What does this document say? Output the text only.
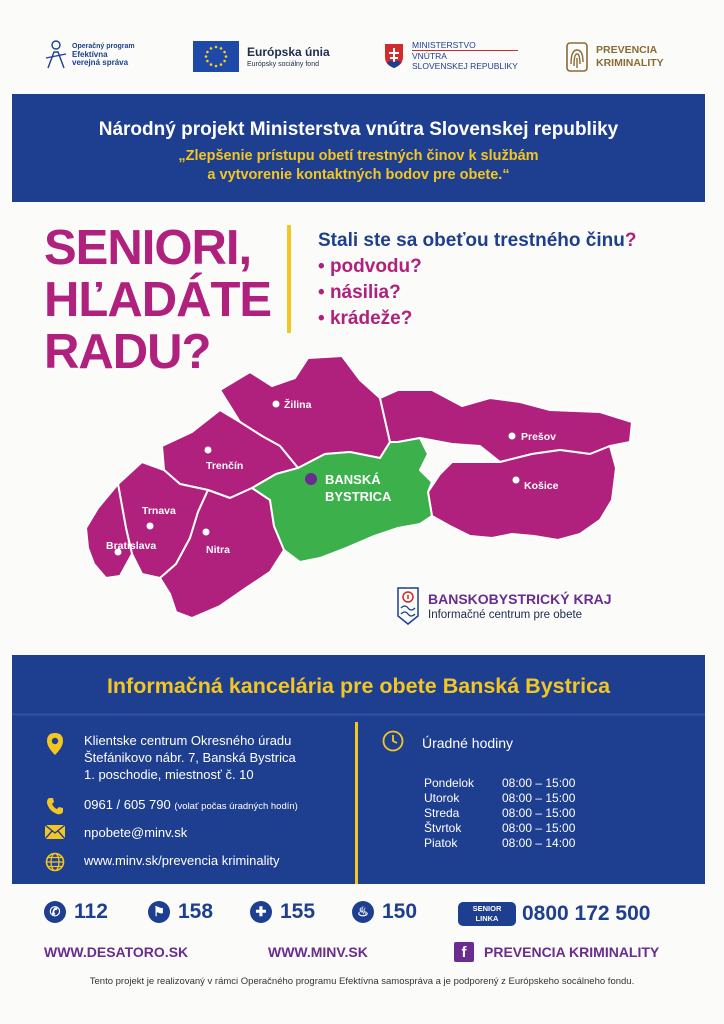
Operačný program
Efektívna
verejná správa
Európska únia
Európsky sociálny fond
MINISTERSTVO
VNÚTRA
SLOVENSKEJ REPUBLIKY
PREVENCIA
KRIMINALITY
Národný projekt Ministerstva vnútra Slovenskej republiky
„Zlepšenie prístupu obetí trestných činov k službám
a vytvorenie kontaktných bodov pre obete.“
SENIORI,
HĽADÁTE
RADU?
Stali ste sa obeťou trestného činu?
• podvodu?
• násilia?
• krádeže?
Žilina
Prešov
Trenčín
Košice
Trnava
Bratislava	Nitra
BANSKÁ
BYSTRICA
BANSKOBYSTRICKÝ KRAJ
Informačné centrum pre obete
Informačná kancelária pre obete Banská Bystrica
Klientske centrum Okresného úradu
Štefánikovo nábr. 7, Banská Bystrica
1. poschodie, miestnosť č. 10
0961 / 605 790 (volať počas úradných hodín)
npobete@minv.sk
www.minv.sk/prevencia kriminality
Úradné hodiny
Pondelok	08:00 – 15:00
Utorok	08:00 – 15:00
Streda	08:00 – 15:00
Štvrtok	08:00 – 15:00
Piatok	08:00 – 14:00
✆ 112	⚑ 158	✚ 155	♨ 150	SENIOR
LINKA	0800 172 500
WWW.DESATORO.SK	WWW.MINV.SK	f	PREVENCIA KRIMINALITY
Tento projekt je realizovaný v rámci Operačného programu Efektívna samospráva a je podporený z Európskeho socálneho fondu.
